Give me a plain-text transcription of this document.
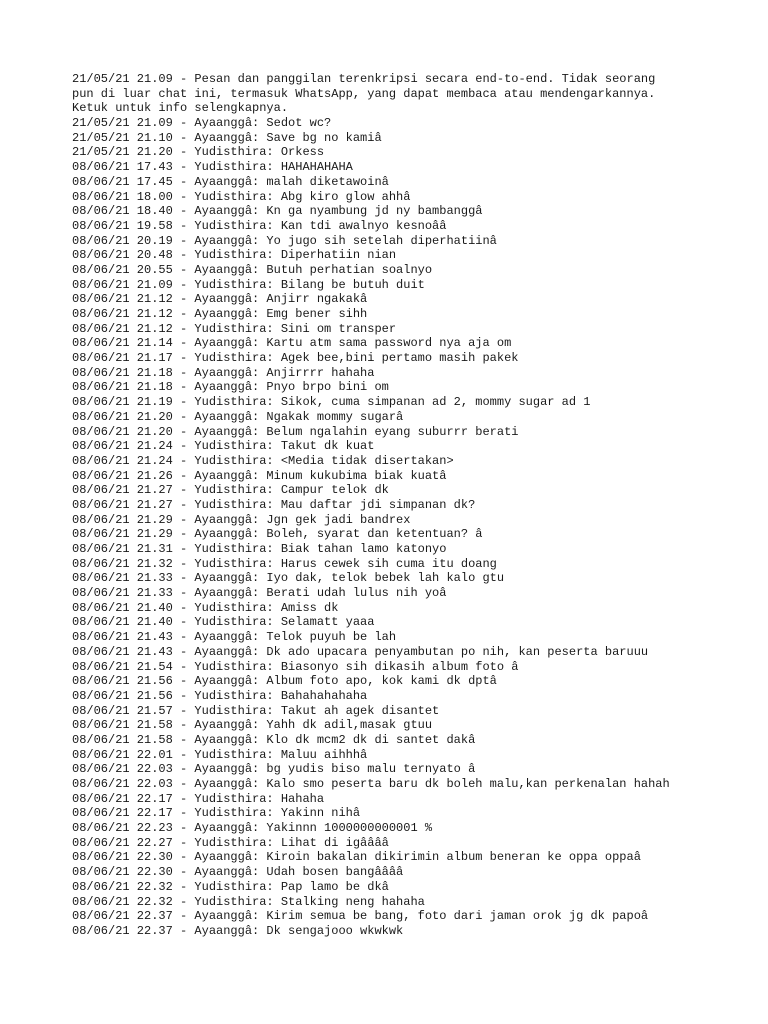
21/05/21 21.09 - Pesan dan panggilan terenkripsi secara end-to-end. Tidak seorang
pun di luar chat ini, termasuk WhatsApp, yang dapat membaca atau mendengarkannya.
Ketuk untuk info selengkapnya.
21/05/21 21.09 - Ayaanggâ: Sedot wc?
21/05/21 21.10 - Ayaanggâ: Save bg no kamiâ
21/05/21 21.20 - Yudisthira: Orkess
08/06/21 17.43 - Yudisthira: HAHAHAHAHA
08/06/21 17.45 - Ayaanggâ: malah diketawoinâ
08/06/21 18.00 - Yudisthira: Abg kiro glow ahhâ
08/06/21 18.40 - Ayaanggâ: Kn ga nyambung jd ny bambanggâ
08/06/21 19.58 - Yudisthira: Kan tdi awalnyo kesnoââ
08/06/21 20.19 - Ayaanggâ: Yo jugo sih setelah diperhatiinâ
08/06/21 20.48 - Yudisthira: Diperhatiin nian
08/06/21 20.55 - Ayaanggâ: Butuh perhatian soalnyo
08/06/21 21.09 - Yudisthira: Bilang be butuh duit
08/06/21 21.12 - Ayaanggâ: Anjirr ngakakâ
08/06/21 21.12 - Ayaanggâ: Emg bener sihh
08/06/21 21.12 - Yudisthira: Sini om transper
08/06/21 21.14 - Ayaanggâ: Kartu atm sama password nya aja om
08/06/21 21.17 - Yudisthira: Agek bee,bini pertamo masih pakek
08/06/21 21.18 - Ayaanggâ: Anjirrrr hahaha
08/06/21 21.18 - Ayaanggâ: Pnyo brpo bini om
08/06/21 21.19 - Yudisthira: Sikok, cuma simpanan ad 2, mommy sugar ad 1
08/06/21 21.20 - Ayaanggâ: Ngakak mommy sugarâ
08/06/21 21.20 - Ayaanggâ: Belum ngalahin eyang suburrr berati
08/06/21 21.24 - Yudisthira: Takut dk kuat
08/06/21 21.24 - Yudisthira: <Media tidak disertakan>
08/06/21 21.26 - Ayaanggâ: Minum kukubima biak kuatâ
08/06/21 21.27 - Yudisthira: Campur telok dk
08/06/21 21.27 - Yudisthira: Mau daftar jdi simpanan dk?
08/06/21 21.29 - Ayaanggâ: Jgn gek jadi bandrex
08/06/21 21.29 - Ayaanggâ: Boleh, syarat dan ketentuan? â
08/06/21 21.31 - Yudisthira: Biak tahan lamo katonyo
08/06/21 21.32 - Yudisthira: Harus cewek sih cuma itu doang
08/06/21 21.33 - Ayaanggâ: Iyo dak, telok bebek lah kalo gtu
08/06/21 21.33 - Ayaanggâ: Berati udah lulus nih yoâ
08/06/21 21.40 - Yudisthira: Amiss dk
08/06/21 21.40 - Yudisthira: Selamatt yaaa
08/06/21 21.43 - Ayaanggâ: Telok puyuh be lah
08/06/21 21.43 - Ayaanggâ: Dk ado upacara penyambutan po nih, kan peserta baruuu
08/06/21 21.54 - Yudisthira: Biasonyo sih dikasih album foto â
08/06/21 21.56 - Ayaanggâ: Album foto apo, kok kami dk dptâ
08/06/21 21.56 - Yudisthira: Bahahahahaha
08/06/21 21.57 - Yudisthira: Takut ah agek disantet
08/06/21 21.58 - Ayaanggâ: Yahh dk adil,masak gtuu
08/06/21 21.58 - Ayaanggâ: Klo dk mcm2 dk di santet dakâ
08/06/21 22.01 - Yudisthira: Maluu aihhhâ
08/06/21 22.03 - Ayaanggâ: bg yudis biso malu ternyato â
08/06/21 22.03 - Ayaanggâ: Kalo smo peserta baru dk boleh malu,kan perkenalan hahah
08/06/21 22.17 - Yudisthira: Hahaha
08/06/21 22.17 - Yudisthira: Yakinn nihâ
08/06/21 22.23 - Ayaanggâ: Yakinnn 1000000000001 %
08/06/21 22.27 - Yudisthira: Lihat di igââââ
08/06/21 22.30 - Ayaanggâ: Kiroin bakalan dikirimin album beneran ke oppa oppaâ
08/06/21 22.30 - Ayaanggâ: Udah bosen bangââââ
08/06/21 22.32 - Yudisthira: Pap lamo be dkâ
08/06/21 22.32 - Yudisthira: Stalking neng hahaha
08/06/21 22.37 - Ayaanggâ: Kirim semua be bang, foto dari jaman orok jg dk papoâ
08/06/21 22.37 - Ayaanggâ: Dk sengajooo wkwkwk
